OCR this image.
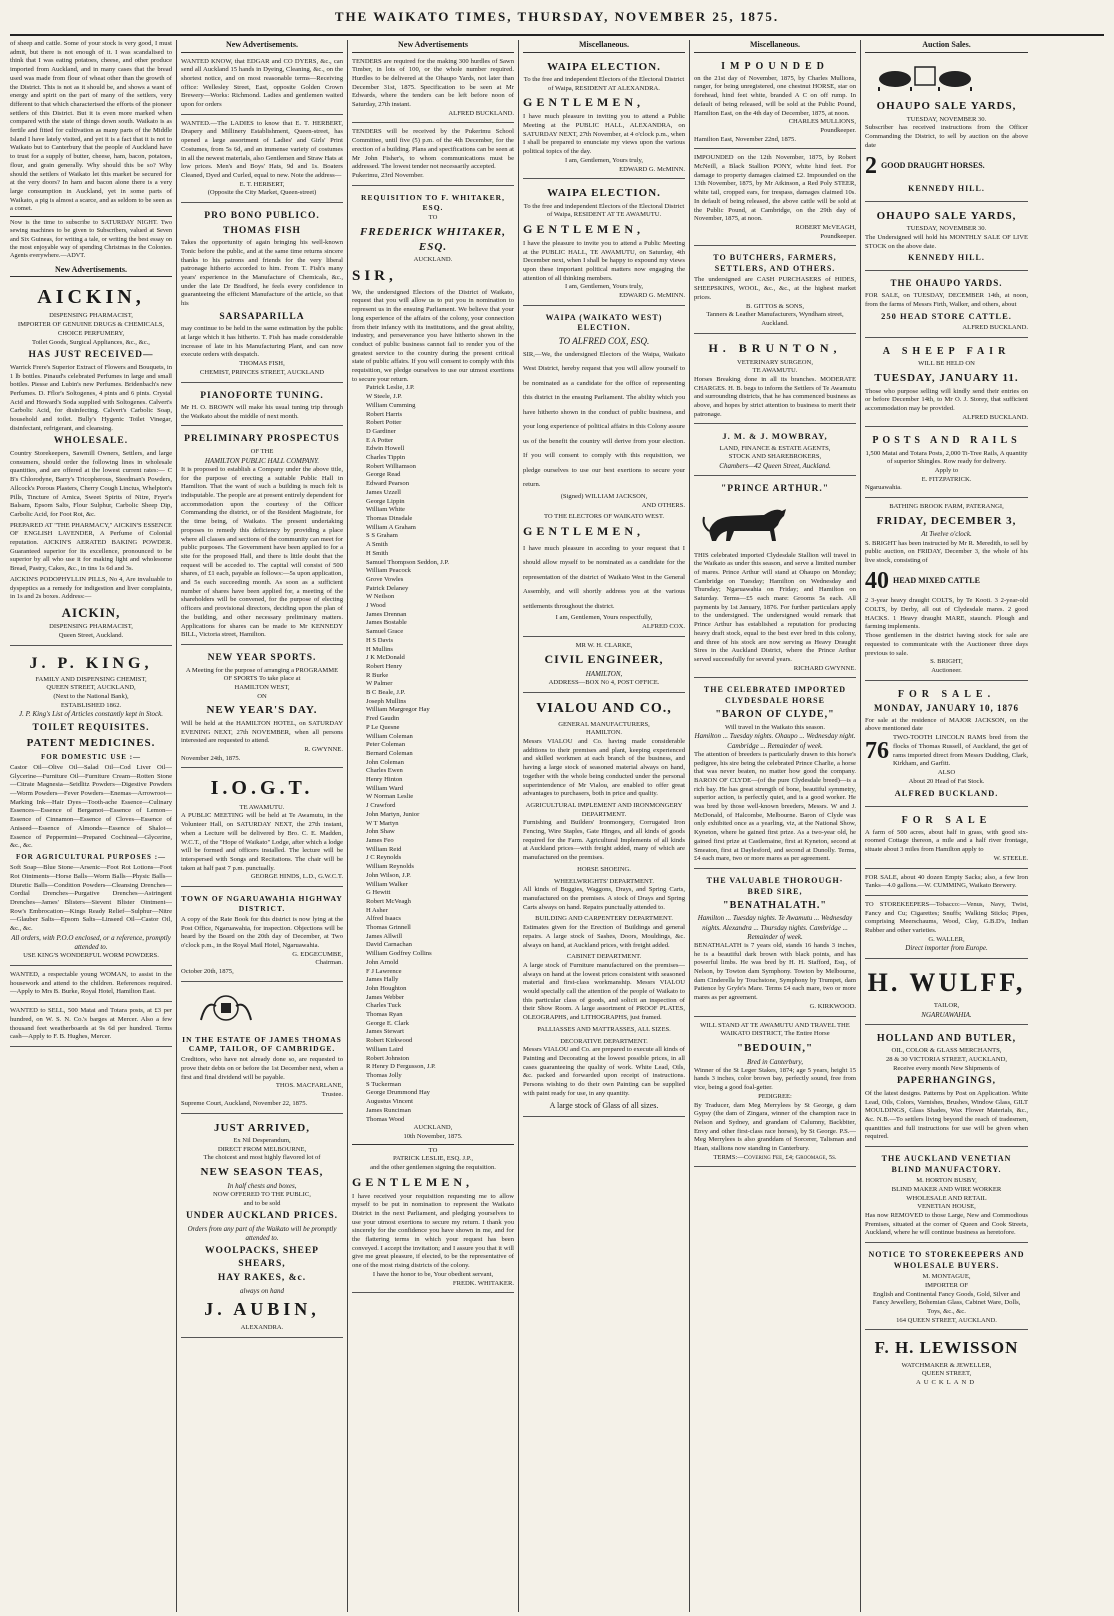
THE WAIKATO TIMES, THURSDAY, NOVEMBER 25, 1875.
of sheep and cattle. Some of your stock is very good, I must admit, but there is not enough of it. I was scandalised to think that I was eating potatoes, cheese, and other produce imported from Auckland, and in many cases that the bread used was made from flour of wheat other than the growth of the District. This is not as it should be, and shows a want of energy and spirit on the part of many of the settlers, very different to that which characterised the efforts of the pioneer settlers of this District. But it is even more marked when compared with the state of things down south. Waikato is as fertile and fitted for cultivation as many parts of the Middle Island I have lately visited, and yet it is a fact that it is not to Waikato but to Canterbury that the people of Auckland have to trust for a supply of butter, cheese, ham, bacon, potatoes, flour, and grain generally. Why should this be so? Why should the settlers of Waikato let this market be secured for at the very doors? In ham and bacon alone there is a very large consumption in Auckland, yet in some parts of Waikato, a pig is almost a scarce, and as seldom to be seen as a comet.
Now is the time to subscribe to SATURDAY NIGHT. Two sewing machines to be given to Subscribers, valued at Seven and Six Guineas, for writing a tale, or writing the best essay on the most enjoyable way of spending Christmas in the Colonies. Agents everywhere.—ADVT.
New Advertisements.
AICKIN,
DISPENSING PHARMACIST,
IMPORTER OF GENUINE DRUGS & CHEMICALS, CHOICE PERFUMERY,
Toilet Goods, Surgical Appliances, &c., &c.,
HAS JUST RECEIVED—
Warrick Frere's Superior Extract of Flowers and Bouquets, in 1 lb bottles. Pinaud's celebrated Perfumes in large and small bottles. Piesse and Lubin's new Perfumes. Bridenbach's new Perfumes. D. Fflor's Soltogenes, 4 pints and 6 pints. Crystal Acid and Howard's Soda supplied with Soltogenes. Calvert's Carbolic Acid, for disinfecting. Calvert's Carbolic Soap, household and toilet. Bully's Hygenic Toilet Vinegar, disinfectant, refrigerant, and cleansing.
WHOLESALE.
Country Storekeepers, Sawmill Owners, Settlers, and large consumers, should order the following lines in wholesale quantities, and are offered at the lowest current rates:— C B's Chlorodyne, Barry's Tricopherous, Steedman's Powders, Allcock's Porous Plasters, Cherry Cough Linctus, Whelpton's Pills, Tincture of Arnica, Sweet Spirits of Nitre, Fryer's Balsam, Epsom Salts, Flour Sulphur, Carbolic Sheep Dip, Carbolic Acid, for Foot Rot, &c.
PREPARED AT "THE PHARMACY," AICKIN'S ESSENCE OF ENGLISH LAVENDER, A Perfume of Colonial reputation. AICKIN'S AERATED BAKING POWDER. Guaranteed superior for its excellence, pronounced to be superior by all who use it for making light and wholesome Bread, Pastry, Cakes, &c., in tins 1s 6d and 3s.
AICKIN'S PODOPHYLLIN PILLS, No 4, Are invaluable to dyspeptics as a remedy for indigestion and liver complaints, in 1s and 2s boxes. Address:—
AICKIN,
DISPENSING PHARMACIST,
Queen Street, Auckland.
J. P. KING,
FAMILY AND DISPENSING CHEMIST,
QUEEN STREET, AUCKLAND,
(Next to the National Bank),
ESTABLISHED 1862.
J. P. King's List of Articles constantly kept in Stock.
TOILET REQUISITES.
PATENT MEDICINES.
FOR DOMESTIC USE :—
Castor Oil—Olive Oil—Salad Oil—Cod Liver Oil—Glycerine—Furniture Oil—Furniture Cream—Rotten Stone—Citrate Magnesia—Seidlitz Powders—Digestive Powders—Worm Powders—Fever Powders—Enemas—Arrowroot—Marking Ink—Hair Dyes—Tooth-ache Essence—Culinary Essences—Essence of Bergamot—Essence of Lemon—Essence of Cinnamon—Essence of Cloves—Essence of Aniseed—Essence of Almonds—Essence of Shalot—Essence of Peppermint—Prepared Cochineal—Glycerine, &c., &c.
FOR AGRICULTURAL PURPOSES :—
Soft Soap—Blue Stone—Arsenic—Foot Rot Lotions—Foot Rot Ointments—Horse Balls—Worm Balls—Physic Balls—Diuretic Balls—Condition Powders—Cleansing Drenches—Cordial Drenches—Purgative Drenches—Astringent Drenches—James' Blisters—Sievent Blister Ointment—Row's Embrocation—Kings Ready Relief—Sulphur—Nitre—Glauber Salts—Epsom Salts—Linseed Oil—Castor Oil, &c., &c.
All orders, with P.O.O enclosed, or a reference, promptly attended to.
USE KING'S WONDERFUL WORM POWDERS.
WANTED, a respectable young WOMAN, to assist in the housework and attend to the children. References required.—Apply to Mrs B. Burke, Royal Hotel, Hamilton East.
WANTED to SELL, 500 Matai and Totara posts, at £3 per hundred, on W. S. N. Co.'s barges at Mercer. Also a few thousand feet weatherboards at 9s 6d per hundred. Terms cash—Apply to F. B. Hughes, Mercer.
New Advertisements.
WANTED KNOW, that EDGAR and CO DYERS, &c., can send all Auckland 15 hands in Dyeing, Cleaning, &c., on the shortest notice, and on most reasonable terms—Receiving office: Wellesley Street, East, opposite Golden Crown Brewery—Works: Richmond. Ladies and gentlemen waited upon for orders
WANTED.—The LADIES to know that E. T. HERBERT, Drapery and Millinery Establishment, Queen-street, has opened a large assortment of Ladies' and Girls' Print Costumes, from 5s 6d, and an immense variety of costumes in all the newest materials, also Gentlemen and Straw Hats at low prices. Men's and Boys' Hats, 9d and 1s. Boaters Cleaned, Dyed and Curled, equal to new. Note the address—
E. T. HERBERT,
(Opposite the City Market, Queen-street)
PRO BONO PUBLICO.
THOMAS FISH
Takes the opportunity of again bringing his well-known Tonic before the public, and at the same time returns sincere thanks to his patrons and friends for the very liberal patronage hitherto accorded to him. From T. Fish's many years' experience in the Manufacture of Chemicals, &c., under the late Dr Bradford, he feels every confidence in guaranteeing the efficient Manufacture of the article, so that his
SARSAPARILLA
may continue to be held in the same estimation by the public at large which it has hitherto. T. Fish has made considerable increase of late in his Manufacturing Plant, and can now execute orders with despatch.
THOMAS FISH,
CHEMIST, PRINCES STREET, AUCKLAND
PIANOFORTE TUNING.
Mr H. O. BROWN will make his usual tuning trip through the Waikato about the middle of next month.
PRELIMINARY PROSPECTUS
OF THE
HAMILTON PUBLIC HALL COMPANY.
It is proposed to establish a Company under the above title, for the purpose of erecting a suitable Public Hall in Hamilton. That the want of such a building is much felt is indisputable. The people are at present entirely dependent for accommodation upon the courtesy of the Officer Commanding the district, or of the Resident Magistrate, for the time being, of Waikato. The present undertaking proposes to remedy this deficiency by providing a place where all classes and sections of the community can meet for public purposes. The Government have been applied to for a site for the proposed Hall, and there is little doubt that the request will be acceded to. The capital will consist of 500 shares, of £1 each, payable as follows:—5s upon application, and 5s each succeeding month. As soon as a sufficient number of shares have been applied for, a meeting of the shareholders will be convened, for the purpose of electing officers and provisional directors, deciding upon the plan of the building, and other necessary preliminary matters. Applications for shares can be made to Mr KENNEDY BILL, Victoria street, Hamilton.
NEW YEAR SPORTS.
A Meeting for the purpose of arranging a PROGRAMME OF SPORTS To take place at
HAMILTON WEST,
ON
NEW YEAR'S DAY.
Will be held at the HAMILTON HOTEL, on SATURDAY EVENING NEXT, 27th NOVEMBER, when all persons interested are requested to attend.
R. GWYNNE.
November 24th, 1875.
I.O.G.T.
TE AWAMUTU.
A PUBLIC MEETING will be held at Te Awamutu, in the Volunteer Hall, on SATURDAY NEXT, the 27th instant, when a Lecture will be delivered by Bro. C. E. Madden, W.C.T., of the "Hope of Waikato" Lodge, after which a lodge will be formed and officers installed. The lecture will be interspersed with Songs and Recitations. The chair will be taken at half past 7 p.m. punctually.
GEORGE HINDS, L.D., G.W.C.T.
TOWN OF NGARUAWAHIA HIGHWAY DISTRICT.
A copy of the Rate Book for this district is now lying at the Post Office, Ngaruawahia, for inspection. Objections will be heard by the Board on the 20th day of December, at Two o'clock p.m., in the Royal Mail Hotel, Ngaruawahia.
G. EDGECUMBE,
Chairman.
October 20th, 1875,
IN THE ESTATE OF JAMES THOMAS CAMP, TAILOR, OF CAMBRIDGE.
Creditors, who have not already done so, are requested to prove their debts on or before the 1st December next, when a first and final dividend will be payable.
THOS. MACFARLANE,
Trustee.
Supreme Court, Auckland, November 22, 1875.
JUST ARRIVED,
Ex Nil Desperandum,
DIRECT FROM MELBOURNE,
The choicest and most highly flavored lot of
NEW SEASON TEAS,
In half chests and boxes,
NOW OFFERED TO THE PUBLIC,
and to be sold
UNDER AUCKLAND PRICES.
Orders from any part of the Waikato will be promptly attended to.
WOOLPACKS, SHEEP SHEARS,
HAY RAKES, &c.
always on hand
J. AUBIN,
ALEXANDRA.
New Advertisements
TENDERS are required for the making 300 hurdles of Sawn Timber, in lots of 100, or the whole number required. Hurdles to be delivered at the Ohaupo Yards, not later than December 31st, 1875. Specification to be seen at Mr Edwards, where the tenders can be left before noon of Saturday, 27th instant.
ALFRED BUCKLAND.
TENDERS will be received by the Pukerimu School Committee, until five (5) p.m. of the 4th December, for the erection of a building. Plans and specifications can be seen at Mr John Fisher's, to whom communications must be addressed. The lowest tender not necessarily accepted.
Pukerimu, 23rd November.
REQUISITION TO F. WHITAKER, ESQ.
TO
FREDERICK WHITAKER, ESQ.
AUCKLAND.
SIR,
We, the undersigned Electors of the District of Waikato, request that you will allow us to put you in nomination to represent us in the ensuing Parliament. We believe that your long experience of the affairs of the colony, your connection from their infancy with its institutions, and the great ability, industry, and perseverance you have hitherto shown in the conduct of public business cannot fail to render you of the greatest service to the country during the present critical state of public affairs. If you will consent to comply with this requisition, we pledge ourselves to use our utmost exertions to secure your return.
Patrick Leslie, J.P.
W Steele, J.P.
William Cumming
Robert Harris
Robert Potter
D Gardiner
E A Potter
Edwin Howell
Charles Tippin
Robert Williamson
George Read
Edward Pearson
James Uzzell
George Lippin
William White
Thomas Dinsdale
William A Graham
S S Graham
A Smith
H Smith
Samuel Thompson Seddon, J.P.
William Peacock
Grove Vowles
Patrick Delaney
W Neilson
J Wood
James Drennan
James Bostable
Samuel Grace
H S Davis
H Mullins
J K McDonald
Robert Henry
R Burke
W Palmer
B C Beale, J.P.
Joseph Mullins
William Margregor Hay
Fred Gaudin
P Le Quesne
William Coleman
Peter Coleman
Bernard Coleman
John Coleman
Charles Ewen
Henry Hinton
William Ward
W Norman Leslie
J Crawford
John Martyn, Junior
W T Martyn
John Shaw
James Feo
William Reid
J C Reynolds
William Reynolds
John Wilson, J.P.
William Walker
G Hewitt
Robert McVeagh
H Asher
Alfred Isaacs
Thomas Grinnell
James Allwill
David Carnachan
William Godfrey Collins
John Arnold
F J Lawrence
James Hally
John Houghton
James Webber
Charles Tuck
Thomas Ryan
George E. Clark
James Stewart
Robert Kirkwood
William Laird
Robert Johnston
R Henry D Fergusson, J.P.
Thomas Jolly
S Tuckerman
George Drummond Hay
Augustus Vincent
James Runciman
Thomas Wood
AUCKLAND,
10th November, 1875.
TO
PATRICK LESLIE, ESQ. J.P.,
and the other gentlemen signing the requisition.
GENTLEMEN,
I have received your requisition requesting me to allow myself to be put in nomination to represent the Waikato District in the next Parliament, and pledging yourselves to use your utmost exertions to secure my return. I thank you sincerely for the confidence you have shown in me, and for the flattering terms in which your request has been conveyed. I accept the invitation; and I assure you that it will give me great pleasure, if elected, to be the representative of one of the most rising districts of the colony.
I have the honor to be, Your obedient servant,
FREDK. WHITAKER.
Miscellaneous.
WAIPA ELECTION.
To the free and independent Electors of the Electoral District of Waipa, RESIDENT AT ALEXANDRA.
GENTLEMEN,
I have much pleasure in inviting you to attend a Public Meeting at the PUBLIC HALL, ALEXANDRA, on SATURDAY NEXT, 27th November, at 4 o'clock p.m., when I shall be prepared to enunciate my views upon the various political topics of the day.
I am, Gentlemen, Yours truly,
EDWARD G. McMINN.
WAIPA ELECTION.
To the free and independent Electors of the Electoral District of Waipa, RESIDENT AT TE AWAMUTU.
GENTLEMEN,
I have the pleasure to invite you to attend a Public Meeting at the PUBLIC HALL, TE AWAMUTU, on Saturday, 4th December next, when I shall be happy to expound my views upon these important political matters now engaging the attention of all thinking members.
I am, Gentlemen, Yours truly,
EDWARD G. McMINN.
WAIPA (WAIKATO WEST) ELECTION.
TO ALFRED COX, ESQ.
SIR,—We, the undersigned Electors of the Waipa, Waikato West District, hereby request that you will allow yourself to be nominated as a candidate for the office of representing this district in the ensuing Parliament. The ability which you have hitherto shown in the conduct of public business, and your long experience of political affairs in this Colony assure us of the benefit the country will derive from your election. If you will consent to comply with this requisition, we pledge ourselves to use our best exertions to secure your return.
(Signed) WILLIAM JACKSON,
AND OTHERS.
TO THE ELECTORS OF WAIKATO WEST.
GENTLEMEN,
I have much pleasure in acceding to your request that I should allow myself to be nominated as a candidate for the representation of the district of Waikato West in the General Assembly, and will shortly address you at the various settlements throughout the district.
I am, Gentlemen, Yours respectfully,
ALFRED COX.
MR W. H. CLARKE,
CIVIL ENGINEER,
HAMILTON,
ADDRESS—BOX No 4, POST OFFICE.
VIALOU AND CO.,
GENERAL MANUFACTURERS,
HAMILTON.
Messrs VIALOU and Co. having made considerable additions to their premises and plant, keeping experienced and skilled workmen at each branch of the business, and having a large stock of seasoned material always on hand, together with the whole being conducted under the personal superintendence of Mr Vialou, are enabled to offer great advantages to purchasers, both in price and quality.
AGRICULTURAL IMPLEMENT AND IRONMONGERY DEPARTMENT.
Furnishing and Builders' Ironmongery, Corrugated Iron Fencing, Wire Staples, Gate Hinges, and all kinds of goods required for the Farm. Agricultural Implements of all kinds at Auckland prices—with freight added, many of which are manufactured on the premises.
HORSE SHOEING.
WHEELWRIGHTS' DEPARTMENT.
All kinds of Buggies, Waggons, Drays, and Spring Carts, manufactured on the premises. A stock of Drays and Spring Carts always on hand. Repairs punctually attended to.
BUILDING AND CARPENTERY DEPARTMENT.
Estimates given for the Erection of Buildings and general repairs. A large stock of Sashes, Doors, Mouldings, &c. always on hand, at Auckland prices, with freight added.
CABINET DEPARTMENT.
A large stock of Furniture manufactured on the premises—always on hand at the lowest prices consistent with seasoned material and first-class workmanship. Messrs VIALOU would specially call the attention of the people of Waikato to this particular class of goods, and solicit an inspection of their Show Room. A large assortment of PROOF PLATES, OLEOGRAPHS, and LITHOGRAPHS, just framed.
PALLIASSES AND MATTRASSES, ALL SIZES.
DECORATIVE DEPARTMENT.
Messrs VIALOU and Co. are prepared to execute all kinds of Painting and Decorating at the lowest possible prices, in all cases guaranteeing the quality of work. White Lead, Oils, &c. packed and forwarded upon receipt of instructions. Persons wishing to do their own Painting can be supplied with paint ready for use, in any quantity.
A large stock of Glass of all sizes.
Miscellaneous.
IMPOUNDED
on the 21st day of November, 1875, by Charles Mullions, ranger, for being unregistered, one chestnut HORSE, star on forehead, hind feet white, branded A C on off rump. In default of being released, will be sold at the Public Pound, Hamilton East, on the 4th day of December, 1875, at noon.
CHARLES MULLIONS,
Poundkeeper.
Hamilton East, November 22nd, 1875.
IMPOUNDED on the 12th November, 1875, by Robert McNeill, a Black Stallion PONY, white hind feet. For damage to property damages claimed £2. Impounded on the 13th November, 1875, by Mr Atkinson, a Red Poly STEER, white tail, cropped ears, for trespass, damages claimed 10s. In default of being released, the above cattle will be sold at the Public Pound, at Cambridge, on the 29th day of November, 1875, at noon.
ROBERT McVEAGH,
Poundkeeper.
TO BUTCHERS, FARMERS, SETTLERS, AND OTHERS.
The undersigned are CASH PURCHASERS of HIDES, SHEEPSKINS, WOOL, &c., &c., at the highest market prices.
B. GITTOS & SONS,
Tanners & Leather Manufacturers, Wyndham street, Auckland.
H. BRUNTON,
VETERINARY SURGEON,
TE AWAMUTU.
Horses Breaking done in all its branches. MODERATE CHARGES. H. B. begs to inform the Settlers of Te Awamutu and surrounding districts, that he has commenced business as above, and hopes by strict attention to business to merit their patronage.
J. M. & J. MOWBRAY,
LAND, FINANCE & ESTATE AGENTS,
STOCK AND SHAREBROKERS,
Chambers—42 Queen Street, Auckland.
"PRINCE ARTHUR."
THIS celebrated imported Clydesdale Stallion will travel in the Waikato as under this season, and serve a limited number of mares. Prince Arthur will stand at Ohaupo on Monday; Cambridge on Tuesday; Hamilton on Wednesday and Thursday; Ngaruawahia on Friday; and Hamilton on Saturday. Terms—£5 each mare: Grooms 5s each. All payments by 1st January, 1876. For further particulars apply to the undersigned. The undersigned would remark that Prince Arthur has established a reputation for producing heavy draft stock, equal to the best ever bred in this colony, and three of his stock are now serving as Heavy Draught Sires in the Auckland District, where the Prince Arthur served successfully for several years.
RICHARD GWYNNE.
THE CELEBRATED IMPORTED CLYDESDALE HORSE
"BARON OF CLYDE,"
Will travel in the Waikato this season.
Hamilton ... Tuesday nights. Ohaupo ... Wednesday night. Cambridge ... Remainder of week.
The attention of breeders is particularly drawn to this horse's pedigree, his sire being the celebrated Prince Charlie, a horse that was never beaten, no matter how good the company. BARON OF CLYDE—(of the pure Clydesdale breed)—is a rich bay. He has great strength of bone, beautiful symmetry, superior action, is perfectly quiet, and is a good worker. He was bred by those well-known breeders, Messrs. W and J. McDonald, of Halcombe, Melbourne. Baron of Clyde was only exhibited once as a yearling, viz, at the National Show, Kyneton, where he gained first prize. As a two-year old, he gained first prize at Castlemaine, first at Kyneton, second at Smeaton, first at Daylesford, and second at Dunolly. Terms, £4 each mare, two or more mares as per agreement.
THE VALUABLE THOROUGH-BRED SIRE,
"BENATHALATH."
Hamilton ... Tuesday nights. Te Awamutu ... Wednesday nights. Alexandra ... Thursday nights. Cambridge ... Remainder of week.
BENATHALATH is 7 years old, stands 16 hands 3 inches, he is a beautiful dark brown with black points, and has powerful limbs. He was bred by H. H. Stafford, Esq., of Nelson, by Towton dam Symphony. Towton by Melbourne, dam Cinderella by Touchstone, Symphony by Trumpet, dam Patience by Gryfe's Mare. Terms £4 each mare, two or more mares as per agreement.
G. KIRKWOOD.
WILL STAND AT TE AWAMUTU AND TRAVEL THE WAIKATO DISTRICT, The Entire Horse
"BEDOUIN,"
Bred in Canterbury,
Winner of the St Leger Stakes, 1874; age 5 years, height 15 hands 3 inches, color brown bay, perfectly sound, free from vice, being a good foal-getter.
PEDIGREE:
By Traducer, dam Meg Merrylees by St George, g dam Gypsy (the dam of Zingara, winner of the champion race in Nelson and Sydney, and grandam of Calumny, Backbiter, Envy and other first-class race horses), by St George. P.S.—Meg Merrylees is also granddam of Sorcerer, Talisman and Haan, stallions now standing in Canterbury.
TERMS:—Covering Fee, £4; Groomage, 5s.
Auction Sales.
OHAUPO SALE YARDS,
TUESDAY, NOVEMBER 30.
Subscriber has received instructions from the Officer Commanding the District, to sell by auction on the above date
2 GOOD DRAUGHT HORSES.
KENNEDY HILL.
OHAUPO SALE YARDS,
TUESDAY, NOVEMBER 30.
The Undersigned will hold his MONTHLY SALE OF LIVE STOCK on the above date.
KENNEDY HILL.
THE OHAUPO YARDS.
FOR SALE, on TUESDAY, DECEMBER 14th, at noon, from the farms of Messrs Firth, Walker, and others, about
250 HEAD STORE CATTLE.
ALFRED BUCKLAND.
A SHEEP FAIR
WILL BE HELD ON
TUESDAY, JANUARY 11.
Those who purpose selling will kindly send their entries on or before December 14th, to Mr O. J. Storey, that sufficient accommodation may be provided.
ALFRED BUCKLAND.
POSTS AND RAILS
1,500 Matai and Totara Posts, 2,000 Ti-Tree Rails, A quantity of superior Shingles. Row ready for delivery.
Apply to
E. FITZPATRICK.
Ngaruawahia.
BATHING BROOK FARM, PATERANGI,
FRIDAY, DECEMBER 3,
At Twelve o'clock.
S. BRIGHT has been instructed by Mr R. Meredith, to sell by public auction, on FRIDAY, December 3, the whole of his live stock, consisting of
40 HEAD MIXED CATTLE
2 3-year heavy draught COLTS, by Te Kooti. 3 2-year-old COLTS, by Derby, all out of Clydesdale mares. 2 good HACKS. 1 Heavy draught MARE, staunch. Plough and farming implements.
Those gentlemen in the district having stock for sale are requested to communicate with the Auctioneer three days previous to sale.
S. BRIGHT,
Auctioneer.
FOR SALE.
MONDAY, JANUARY 10, 1876
For sale at the residence of MAJOR JACKSON, on the above mentioned date
76
TWO-TOOTH LINCOLN RAMS bred from the flocks of Thomas Russell, of Auckland, the get of rams imported direct from Messrs Dudding, Clark, Kirkham, and Garfitt.
ALSO
About 20 Head of Fat Stock.
ALFRED BUCKLAND.
FOR SALE
A farm of 500 acres, about half in grass, with good six-roomed Cottage thereon, a mile and a half river frontage, situate about 3 miles from Hamilton apply to
W. STEELE.
FOR SALE, about 40 dozen Empty Sacks; also, a few Iron Tanks—4.0 gallons.—W. CUMMING, Waikato Brewery.
TO STOREKEEPERS—Tobacco:—Venus, Navy, Twist, Fancy and Cu; Cigarettes; Snuffs; Walking Sticks; Pipes, comprising Meerschaums, Wood, Clay, G.B.D's, Indian Rubber and other varieties.
G. WALLER,
Direct importer from Europe.
H. WULFF,
TAILOR,
NGARUAWAHIA.
HOLLAND AND BUTLER,
OIL, COLOR & GLASS MERCHANTS,
28 & 30 VICTORIA STREET, AUCKLAND,
Receive every month New Shipments of
PAPERHANGINGS,
Of the latest designs. Patterns by Post on Application. White Lead, Oils, Colors, Varnishes, Brushes, Window Glass, GILT MOULDINGS, Glass Shades, Wax Flower Materials, &c., &c. N.B.—To settlers living beyond the reach of tradesmen, quantities and full instructions for use will be given when required.
THE AUCKLAND VENETIAN BLIND MANUFACTORY.
M. HORTON BUSBY,
BLIND MAKER AND WIRE WORKER
WHOLESALE AND RETAIL
VENETIAN HOUSE,
Has now REMOVED to those Large, New and Commodious Premises, situated at the corner of Queen and Cook Streets, Auckland, where he will continue business as heretofore.
NOTICE TO STOREKEEPERS AND WHOLESALE BUYERS.
M. MONTAGUE,
IMPORTER OF
English and Continental Fancy Goods, Gold, Silver and Fancy Jewellery, Bohemian Glass, Cabinet Ware, Dolls, Toys, &c., &c.
164 QUEEN STREET, AUCKLAND.
F. H. LEWISSON
WATCHMAKER & JEWELLER,
QUEEN STREET,
AUCKLAND
